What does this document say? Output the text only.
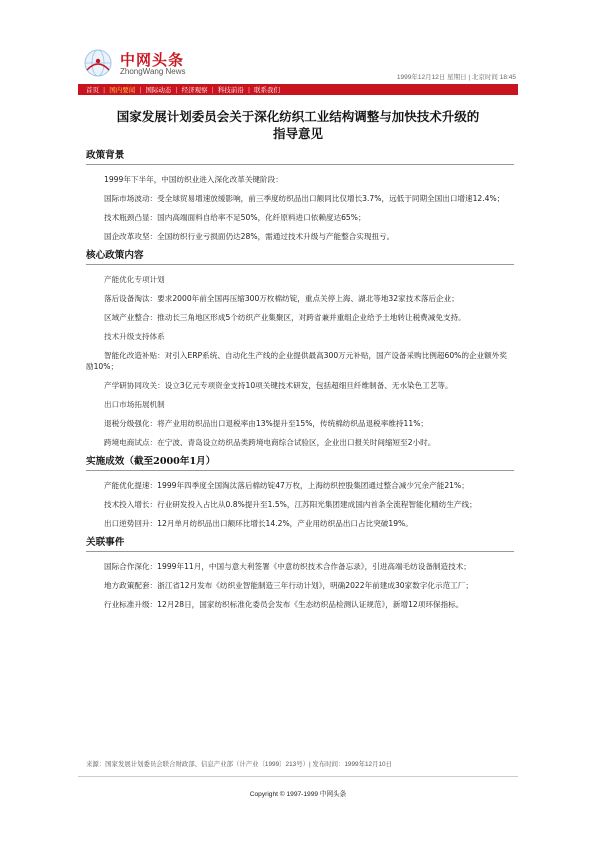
中网头条
ZhongWang News
1999年12月12日 星期日 | 北京时间 18:45
首页 | 国内要闻 | 国际动态 | 经济观察 | 科技前沿 | 联系我们
国家发展计划委员会关于深化纺织工业结构调整与加快技术升级的
指导意见
政策背景

1999年下半年，中国纺织业进入深化改革关键阶段：

国际市场波动：受全球贸易增速放缓影响，前三季度纺织品出口额同比仅增长3.7%，远低于同期全国出口增速12.4%；

技术瓶颈凸显：国内高端面料自给率不足50%，化纤原料进口依赖度达65%；

国企改革攻坚：全国纺织行业亏损面仍达28%，需通过技术升级与产能整合实现扭亏。

核心政策内容

产能优化专项计划

落后设备淘汰：要求2000年前全国再压缩300万枚棉纺锭，重点关停上海、湖北等地32家技术落后企业；

区域产业整合：推动长三角地区形成5个纺织产业集聚区，对跨省兼并重组企业给予土地转让税费减免支持。

技术升级支持体系

智能化改造补贴：对引入ERP系统、自动化生产线的企业提供最高300万元补贴，国产设备采购比例超60%的企业额外奖励10%；

产学研协同攻关：设立3亿元专项资金支持10项关键技术研发，包括超细旦纤维制备、无水染色工艺等。

出口市场拓展机制

退税分级强化：将产业用纺织品出口退税率由13%提升至15%，传统棉纺织品退税率维持11%；

跨境电商试点：在宁波、青岛设立纺织品类跨境电商综合试验区，企业出口报关时间缩短至2小时。

实施成效（截至2000年1月）

产能优化提速：1999年四季度全国淘汰落后棉纺锭47万枚，上海纺织控股集团通过整合减少冗余产能21%；

技术投入增长：行业研发投入占比从0.8%提升至1.5%，江苏阳光集团建成国内首条全流程智能化精纺生产线；

出口逆势回升：12月单月纺织品出口额环比增长14.2%，产业用纺织品出口占比突破19%。

关联事件

国际合作深化：1999年11月，中国与意大利签署《中意纺织技术合作备忘录》，引进高端毛纺设备制造技术；

地方政策配套：浙江省12月发布《纺织业智能制造三年行动计划》，明确2022年前建成30家数字化示范工厂；

行业标准升级：12月28日，国家纺织标准化委员会发布《生态纺织品检测认证规范》，新增12项环保指标。

来源：国家发展计划委员会联合财政部、信息产业部（计产业〔1999〕213号）| 发布时间：1999年12月10日
Copyright © 1997-1999 中网头条
